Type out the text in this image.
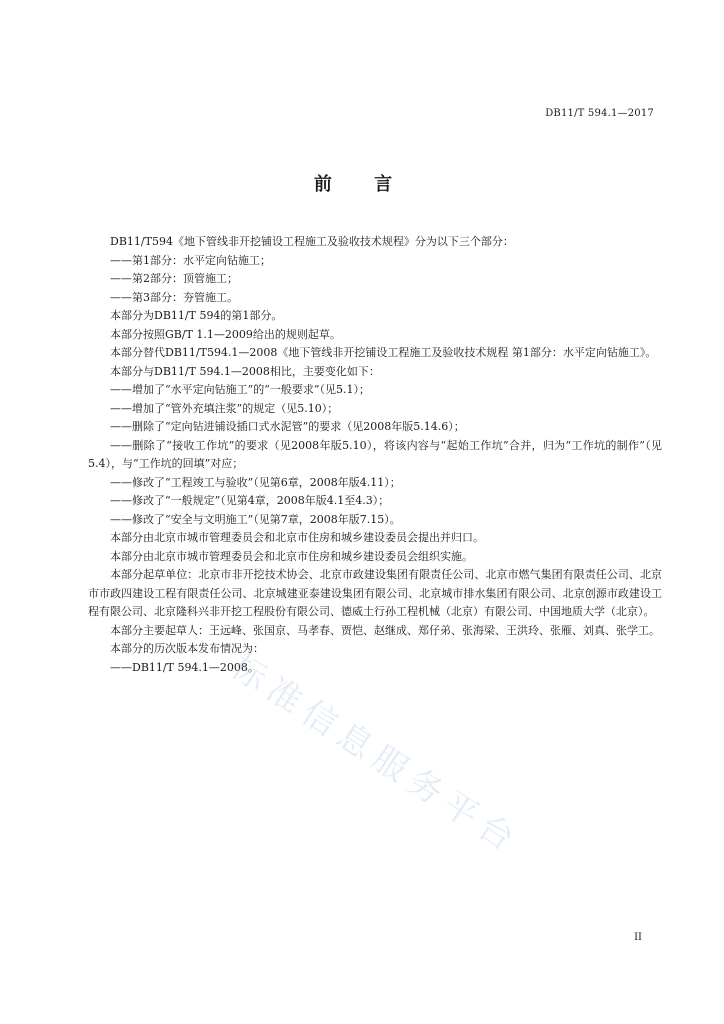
DB11/T 594.1—2017
前 言

DB11/T594《地下管线非开挖铺设工程施工及验收技术规程》分为以下三个部分：

——第1部分：水平定向钻施工；

——第2部分：顶管施工；

——第3部分：夯管施工。

本部分为DB11/T 594的第1部分。

本部分按照GB/T 1.1—2009给出的规则起草。

本部分替代DB11/T594.1—2008《地下管线非开挖铺设工程施工及验收技术规程 第1部分：水平定向钻施工》。

本部分与DB11/T 594.1—2008相比，主要变化如下：

——增加了“水平定向钻施工”的“一般要求”（见5.1）；

——增加了“管外充填注浆”的规定（见5.10）；

——删除了“定向钻进铺设插口式水泥管”的要求（见2008年版5.14.6）；

——删除了“接收工作坑”的要求（见2008年版5.10），将该内容与“起始工作坑”合并，归为“工作坑的制作”（见5.4），与“工作坑的回填”对应；

——修改了“工程竣工与验收”（见第6章，2008年版4.11）；

——修改了“一般规定”（见第4章，2008年版4.1至4.3）；

——修改了“安全与文明施工”（见第7章，2008年版7.15）。

本部分由北京市城市管理委员会和北京市住房和城乡建设委员会提出并归口。

本部分由北京市城市管理委员会和北京市住房和城乡建设委员会组织实施。

本部分起草单位：北京市非开挖技术协会、北京市政建设集团有限责任公司、北京市燃气集团有限责任公司、北京市市政四建设工程有限责任公司、北京城建亚泰建设集团有限公司、北京城市排水集团有限公司、北京创源市政建设工程有限公司、北京隆科兴非开挖工程股份有限公司、德威土行孙工程机械（北京）有限公司、中国地质大学（北京）。

本部分主要起草人：王远峰、张国京、马孝春、贾恺、赵继成、郑仔弟、张海梁、王洪玲、张雁、刘真、张学工。

本部分的历次版本发布情况为：

——DB11/T 594.1—2008。

标准信息服务平台
II
